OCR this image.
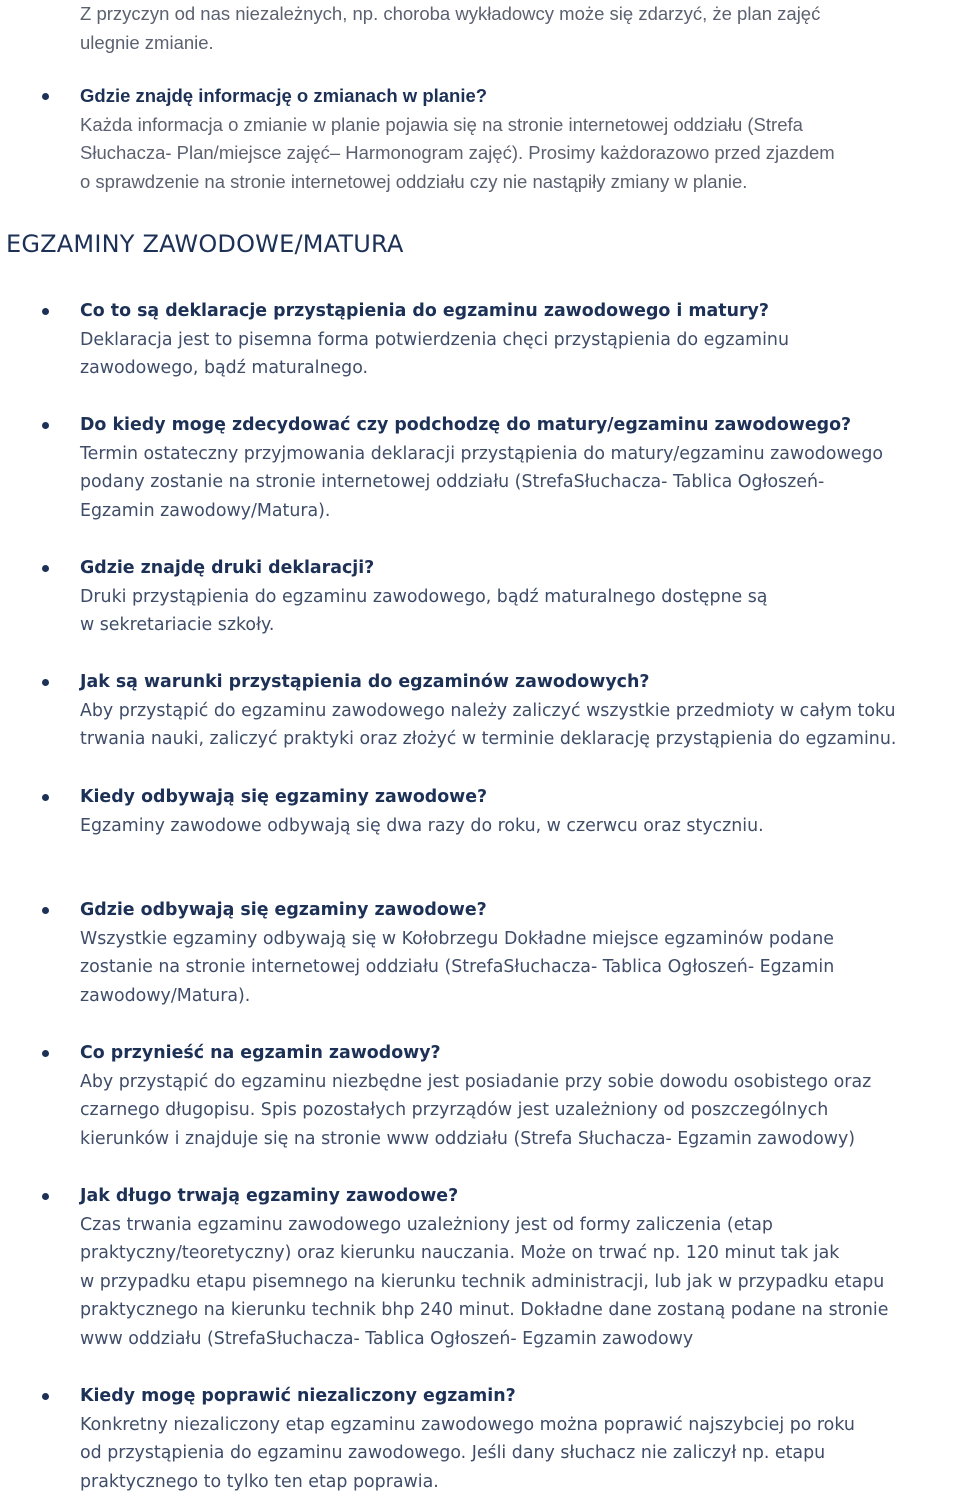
Z przyczyn od nas niezależnych, np. choroba wykładowcy może się zdarzyć, że plan zajęć
ulegnie zmianie.
Gdzie znajdę informację o zmianach w planie?
Każda informacja o zmianie w planie pojawia się na stronie internetowej oddziału (Strefa
Słuchacza- Plan/miejsce zajęć– Harmonogram zajęć). Prosimy każdorazowo przed zjazdem
o sprawdzenie na stronie internetowej oddziału czy nie nastąpiły zmiany w planie.
EGZAMINY ZAWODOWE/MATURA
Co to są deklaracje przystąpienia do egzaminu zawodowego i matury?
Deklaracja jest to pisemna forma potwierdzenia chęci przystąpienia do egzaminu
zawodowego, bądź maturalnego.
Do kiedy mogę zdecydować czy podchodzę do matury/egzaminu zawodowego?
Termin ostateczny przyjmowania deklaracji przystąpienia do matury/egzaminu zawodowego
podany zostanie na stronie internetowej oddziału (StrefaSłuchacza- Tablica Ogłoszeń-
Egzamin zawodowy/Matura).
Gdzie znajdę druki deklaracji?
Druki przystąpienia do egzaminu zawodowego, bądź maturalnego dostępne są
w sekretariacie szkoły.
Jak są warunki przystąpienia do egzaminów zawodowych?
Aby przystąpić do egzaminu zawodowego należy zaliczyć wszystkie przedmioty w całym toku
trwania nauki, zaliczyć praktyki oraz złożyć w terminie deklarację przystąpienia do egzaminu.
Kiedy odbywają się egzaminy zawodowe?
Egzaminy zawodowe odbywają się dwa razy do roku, w czerwcu oraz styczniu.
Gdzie odbywają się egzaminy zawodowe?
Wszystkie egzaminy odbywają się w Kołobrzegu Dokładne miejsce egzaminów podane
zostanie na stronie internetowej oddziału (StrefaSłuchacza- Tablica Ogłoszeń- Egzamin
zawodowy/Matura).
Co przynieść na egzamin zawodowy?
Aby przystąpić do egzaminu niezbędne jest posiadanie przy sobie dowodu osobistego oraz
czarnego długopisu. Spis pozostałych przyrządów jest uzależniony od poszczególnych
kierunków i znajduje się na stronie www oddziału (Strefa Słuchacza- Egzamin zawodowy)
Jak długo trwają egzaminy zawodowe?
Czas trwania egzaminu zawodowego uzależniony jest od formy zaliczenia (etap
praktyczny/teoretyczny) oraz kierunku nauczania. Może on trwać np. 120 minut tak jak
w przypadku etapu pisemnego na kierunku technik administracji, lub jak w przypadku etapu
praktycznego na kierunku technik bhp 240 minut. Dokładne dane zostaną podane na stronie
www oddziału (StrefaSłuchacza- Tablica Ogłoszeń- Egzamin zawodowy
Kiedy mogę poprawić niezaliczony egzamin?
Konkretny niezaliczony etap egzaminu zawodowego można poprawić najszybciej po roku
od przystąpienia do egzaminu zawodowego. Jeśli dany słuchacz nie zaliczył np. etapu
praktycznego to tylko ten etap poprawia.
